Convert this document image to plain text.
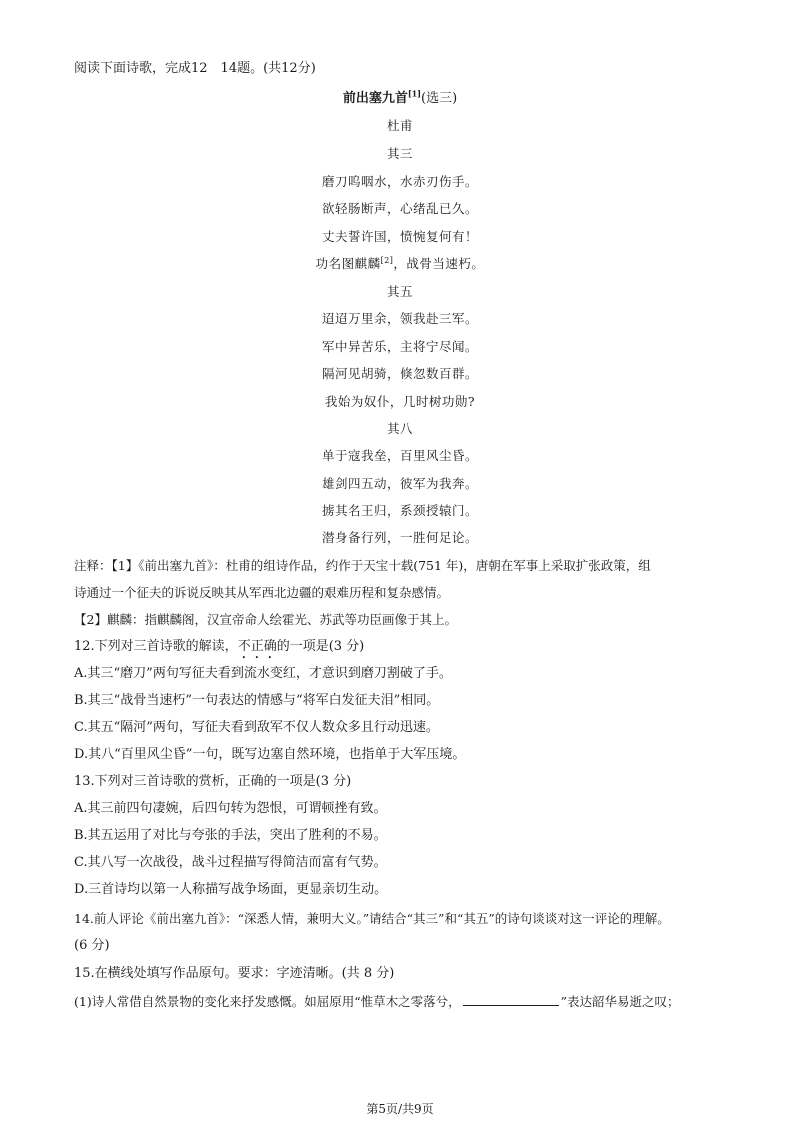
阅读下面诗歌，完成12　14题。(共12分)
前出塞九首[1](选三)
杜甫
其三
磨刀呜咽水，水赤刃伤手。
欲轻肠断声，心绪乱已久。
丈夫誓许国，愤惋复何有！
功名图麒麟[2]，战骨当速朽。
其五
迢迢万里余，领我赴三军。
军中异苦乐，主将宁尽闻。
隔河见胡骑，倏忽数百群。
我始为奴仆，几时树功勋?
其八
单于寇我垒，百里风尘昏。
雄剑四五动，彼军为我奔。
掳其名王归，系颈授辕门。
潜身备行列，一胜何足论。
注释：【1】《前出塞九首》：杜甫的组诗作品，约作于天宝十载(751 年)，唐朝在军事上采取扩张政策，组
诗通过一个征夫的诉说反映其从军西北边疆的艰难历程和复杂感情。
【2】麒麟：指麒麟阁，汉宣帝命人绘霍光、苏武等功臣画像于其上。
12.下列对三首诗歌的解读，不正确的一项是(3 分)
A.其三“磨刀”两句写征夫看到流水变红，才意识到磨刀割破了手。
B.其三“战骨当速朽”一句表达的情感与“将军白发征夫泪”相同。
C.其五“隔河”两句，写征夫看到敌军不仅人数众多且行动迅速。
D.其八“百里风尘昏”一句，既写边塞自然环境，也指单于大军压境。
13.下列对三首诗歌的赏析，正确的一项是(3 分)
A.其三前四句凄婉，后四句转为怨恨，可谓顿挫有致。
B.其五运用了对比与夸张的手法，突出了胜利的不易。
C.其八写一次战役，战斗过程描写得简洁而富有气势。
D.三首诗均以第一人称描写战争场面，更显亲切生动。
14.前人评论《前出塞九首》：“深悉人情，兼明大义。”请结合“其三”和“其五”的诗句谈谈对这一评论的理解。
(6 分)
15.在横线处填写作品原句。要求：字迹清晰。(共 8 分)
(1)诗人常借自然景物的变化来抒发感慨。如屈原用“惟草木之零落兮，	”表达韶华易逝之叹；
第5页/共9页
